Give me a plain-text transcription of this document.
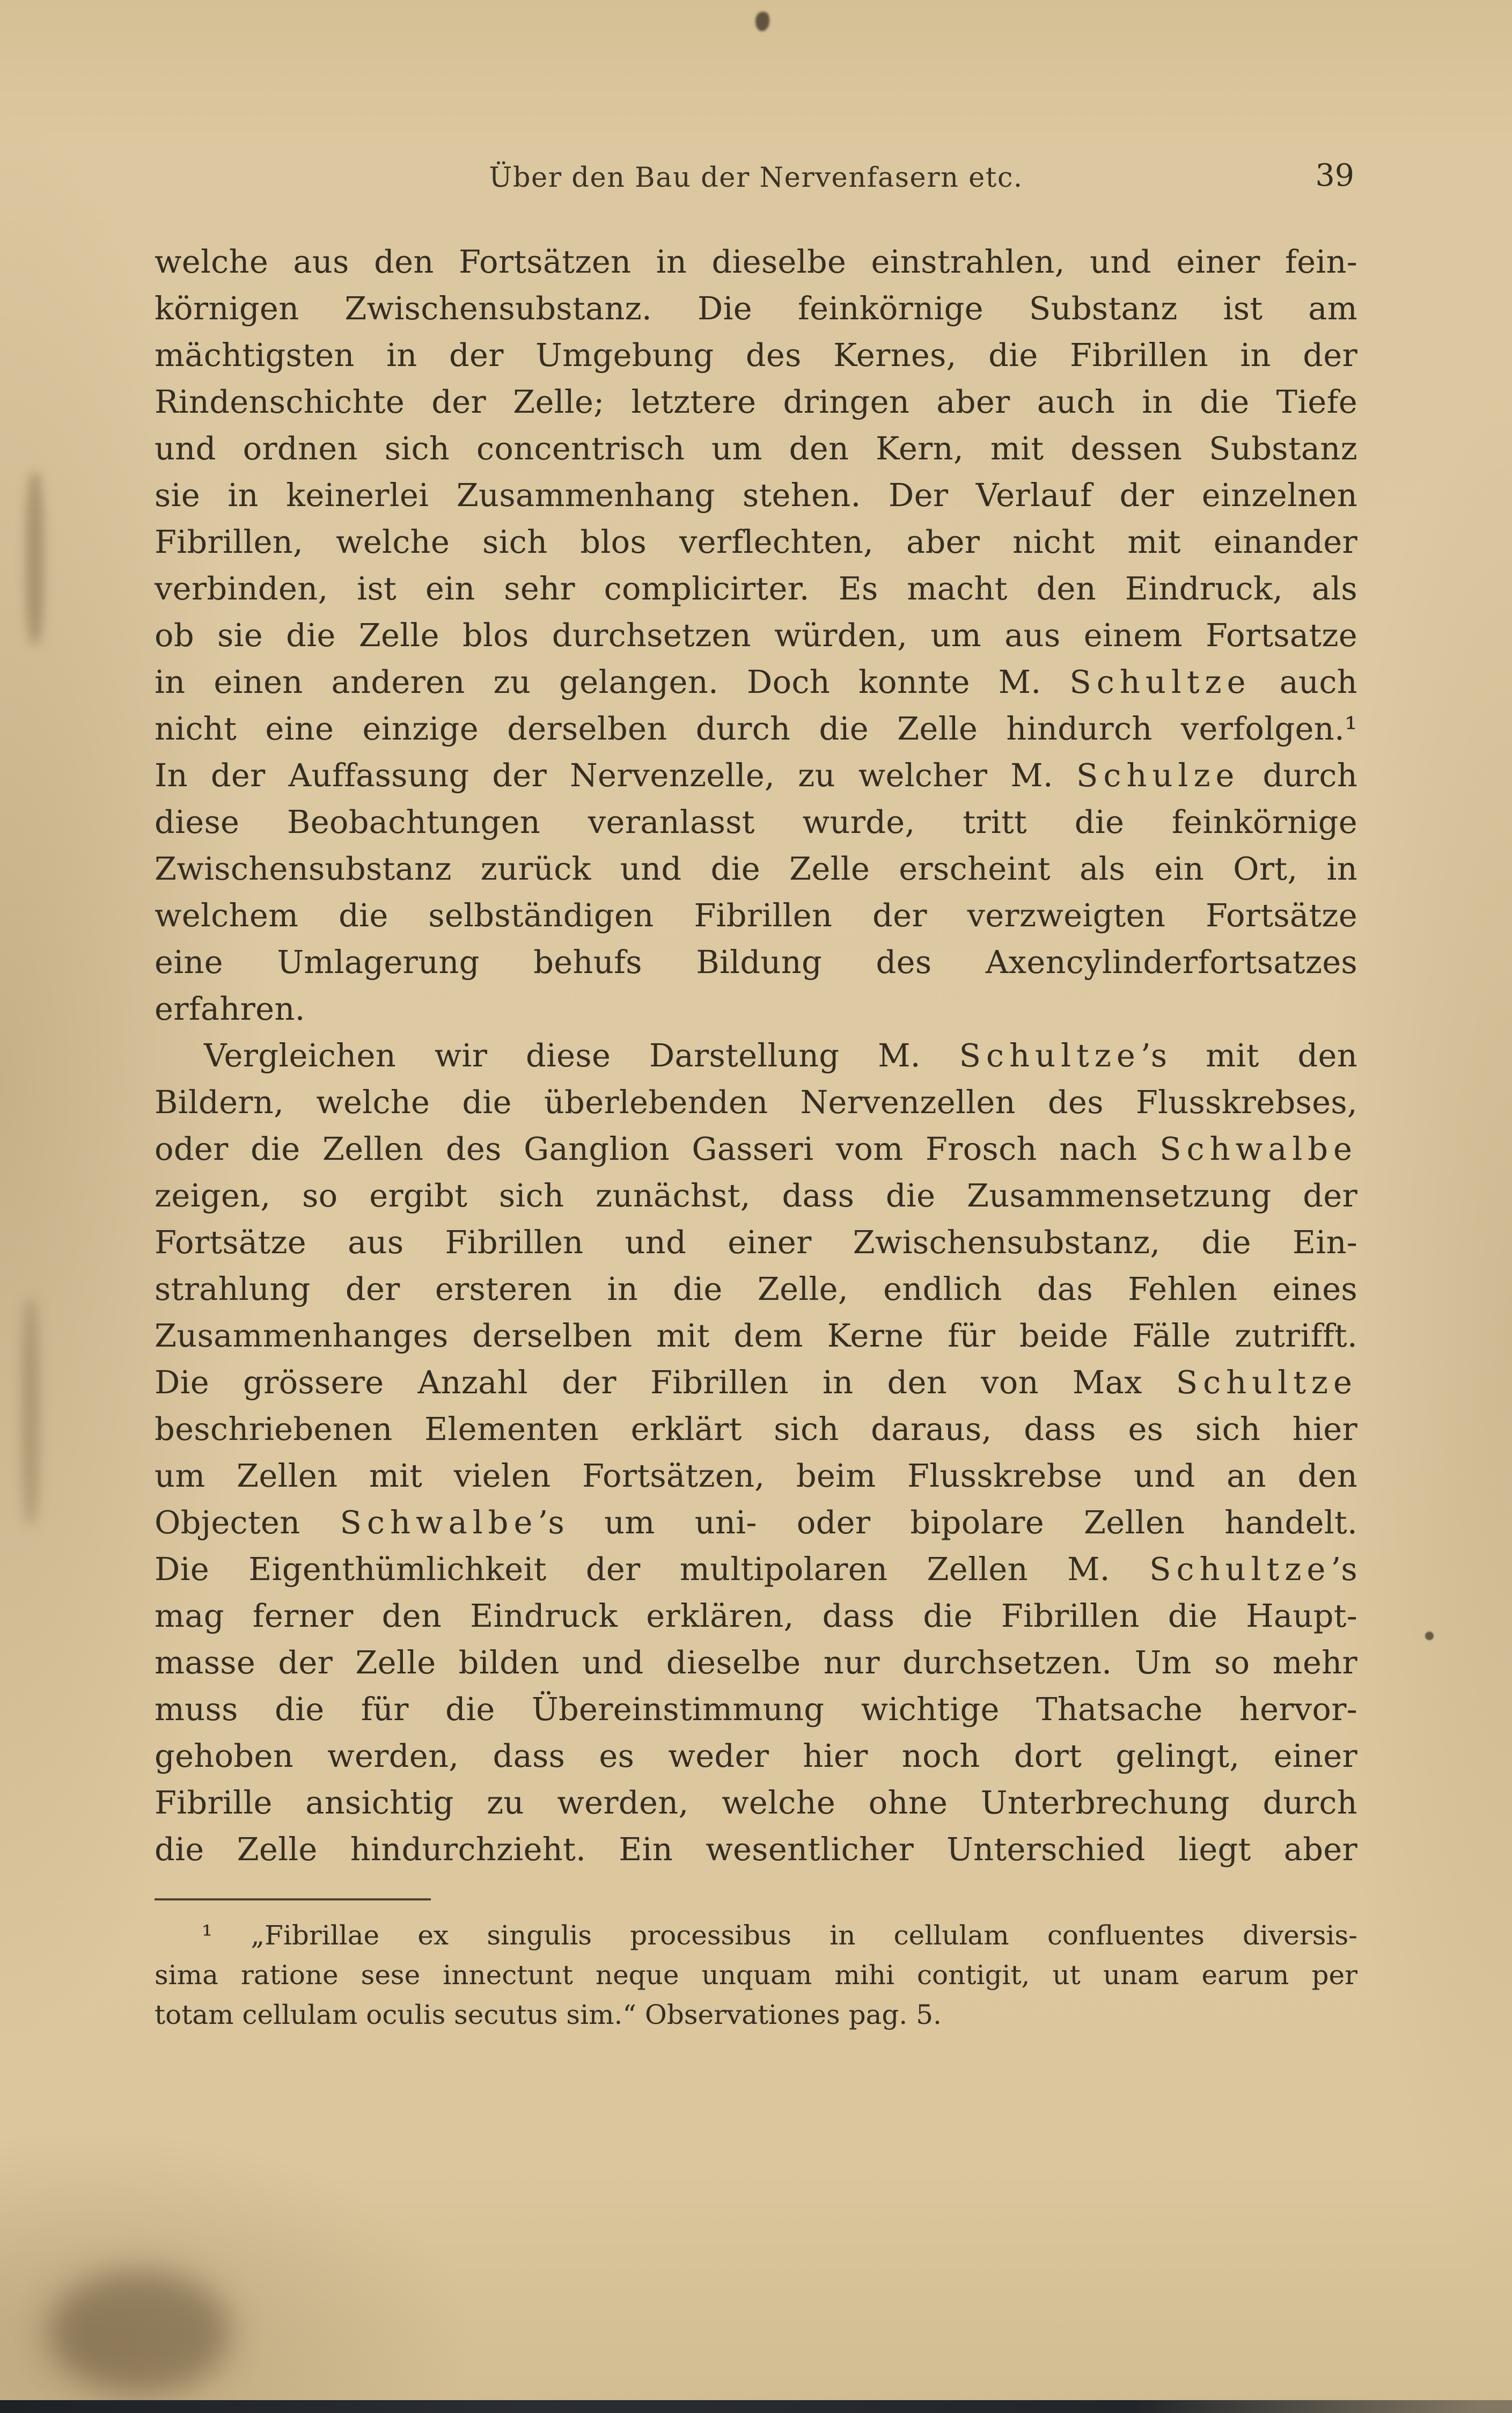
Über den Bau der Nervenfasern etc.	39
welche aus den Fortsätzen in dieselbe einstrahlen, und einer fein-
körnigen Zwischensubstanz. Die feinkörnige Substanz ist am
mächtigsten in der Umgebung des Kernes, die Fibrillen in der
Rindenschichte der Zelle; letztere dringen aber auch in die Tiefe
und ordnen sich concentrisch um den Kern, mit dessen Substanz
sie in keinerlei Zusammenhang stehen. Der Verlauf der einzelnen
Fibrillen, welche sich blos verflechten, aber nicht mit einander
verbinden, ist ein sehr complicirter. Es macht den Eindruck, als
ob sie die Zelle blos durchsetzen würden, um aus einem Fortsatze
in einen anderen zu gelangen. Doch konnte M. Schultze auch
nicht eine einzige derselben durch die Zelle hindurch verfolgen.¹
In der Auffassung der Nervenzelle, zu welcher M. Schulze durch
diese Beobachtungen veranlasst wurde, tritt die feinkörnige
Zwischensubstanz zurück und die Zelle erscheint als ein Ort, in
welchem die selbständigen Fibrillen der verzweigten Fortsätze
eine Umlagerung behufs Bildung des Axencylinderfortsatzes
erfahren.
Vergleichen wir diese Darstellung M. Schultze’s mit den
Bildern, welche die überlebenden Nervenzellen des Flusskrebses,
oder die Zellen des Ganglion Gasseri vom Frosch nach Schwalbe
zeigen, so ergibt sich zunächst, dass die Zusammensetzung der
Fortsätze aus Fibrillen und einer Zwischensubstanz, die Ein-
strahlung der ersteren in die Zelle, endlich das Fehlen eines
Zusammenhanges derselben mit dem Kerne für beide Fälle zutrifft.
Die grössere Anzahl der Fibrillen in den von Max Schultze
beschriebenen Elementen erklärt sich daraus, dass es sich hier
um Zellen mit vielen Fortsätzen, beim Flusskrebse und an den
Objecten Schwalbe’s um uni- oder bipolare Zellen handelt.
Die Eigenthümlichkeit der multipolaren Zellen M. Schultze’s
mag ferner den Eindruck erklären, dass die Fibrillen die Haupt-
masse der Zelle bilden und dieselbe nur durchsetzen. Um so mehr
muss die für die Übereinstimmung wichtige Thatsache hervor-
gehoben werden, dass es weder hier noch dort gelingt, einer
Fibrille ansichtig zu werden, welche ohne Unterbrechung durch
die Zelle hindurchzieht. Ein wesentlicher Unterschied liegt aber
¹ „Fibrillae ex singulis processibus in cellulam confluentes diversis-
sima ratione sese innectunt neque unquam mihi contigit, ut unam earum per
totam cellulam oculis secutus sim.“ Observationes pag. 5.
